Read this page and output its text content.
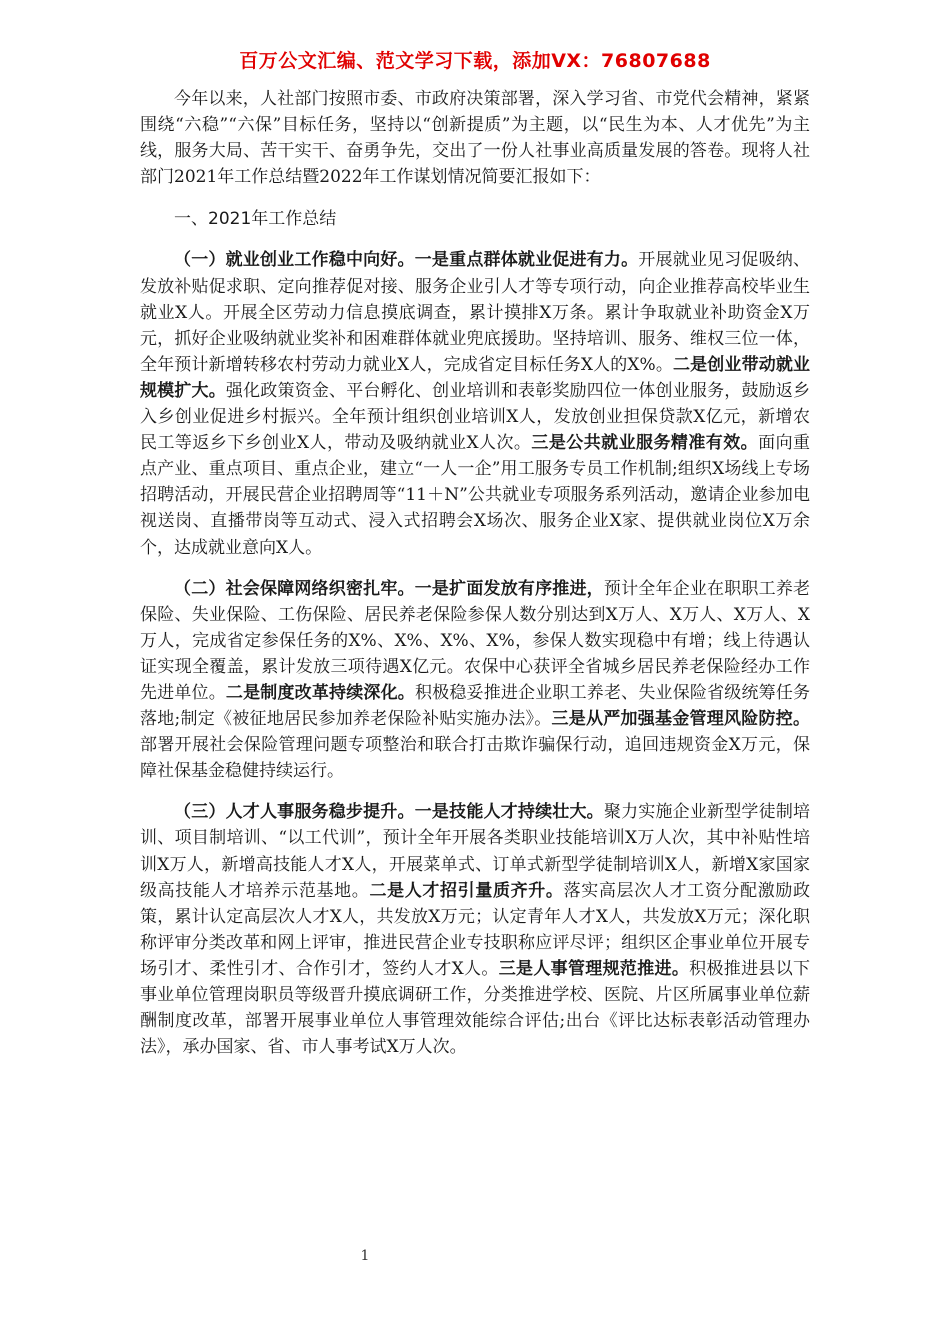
百万公文汇编、范文学习下载，添加VX：76807688

今年以来，人社部门按照市委、市政府决策部署，深入学习省、市党代会精神，紧紧围绕“六稳”“六保”目标任务，坚持以“创新提质”为主题，以“民生为本、人才优先”为主线，服务大局、苦干实干、奋勇争先，交出了一份人社事业高质量发展的答卷。现将人社部门2021年工作总结暨2022年工作谋划情况简要汇报如下：

一、2021年工作总结

（一）就业创业工作稳中向好。一是重点群体就业促进有力。开展就业见习促吸纳、发放补贴促求职、定向推荐促对接、服务企业引人才等专项行动，向企业推荐高校毕业生就业X人。开展全区劳动力信息摸底调查，累计摸排X万条。累计争取就业补助资金X万元，抓好企业吸纳就业奖补和困难群体就业兜底援助。坚持培训、服务、维权三位一体，全年预计新增转移农村劳动力就业X人，完成省定目标任务X人的X%。二是创业带动就业规模扩大。强化政策资金、平台孵化、创业培训和表彰奖励四位一体创业服务，鼓励返乡入乡创业促进乡村振兴。全年预计组织创业培训X人，发放创业担保贷款X亿元，新增农民工等返乡下乡创业X人，带动及吸纳就业X人次。三是公共就业服务精准有效。面向重点产业、重点项目、重点企业，建立“一人一企”用工服务专员工作机制;组织X场线上专场招聘活动，开展民营企业招聘周等“11＋N”公共就业专项服务系列活动，邀请企业参加电视送岗、直播带岗等互动式、浸入式招聘会X场次、服务企业X家、提供就业岗位X万余个，达成就业意向X人。

（二）社会保障网络织密扎牢。一是扩面发放有序推进，预计全年企业在职职工养老保险、失业保险、工伤保险、居民养老保险参保人数分别达到X万人、X万人、X万人、X万人，完成省定参保任务的X%、X%、X%、X%，参保人数实现稳中有增；线上待遇认证实现全覆盖，累计发放三项待遇X亿元。农保中心获评全省城乡居民养老保险经办工作先进单位。二是制度改革持续深化。积极稳妥推进企业职工养老、失业保险省级统筹任务落地;制定《被征地居民参加养老保险补贴实施办法》。三是从严加强基金管理风险防控。部署开展社会保险管理问题专项整治和联合打击欺诈骗保行动，追回违规资金X万元，保障社保基金稳健持续运行。

（三）人才人事服务稳步提升。一是技能人才持续壮大。聚力实施企业新型学徒制培训、项目制培训、“以工代训”，预计全年开展各类职业技能培训X万人次，其中补贴性培训X万人，新增高技能人才X人，开展菜单式、订单式新型学徒制培训X人，新增X家国家级高技能人才培养示范基地。二是人才招引量质齐升。落实高层次人才工资分配激励政策，累计认定高层次人才X人，共发放X万元；认定青年人才X人，共发放X万元；深化职称评审分类改革和网上评审，推进民营企业专技职称应评尽评；组织区企事业单位开展专场引才、柔性引才、合作引才，签约人才X人。三是人事管理规范推进。积极推进县以下事业单位管理岗职员等级晋升摸底调研工作，分类推进学校、医院、片区所属事业单位薪酬制度改革，部署开展事业单位人事管理效能综合评估;出台《评比达标表彰活动管理办法》，承办国家、省、市人事考试X万人次。

1
